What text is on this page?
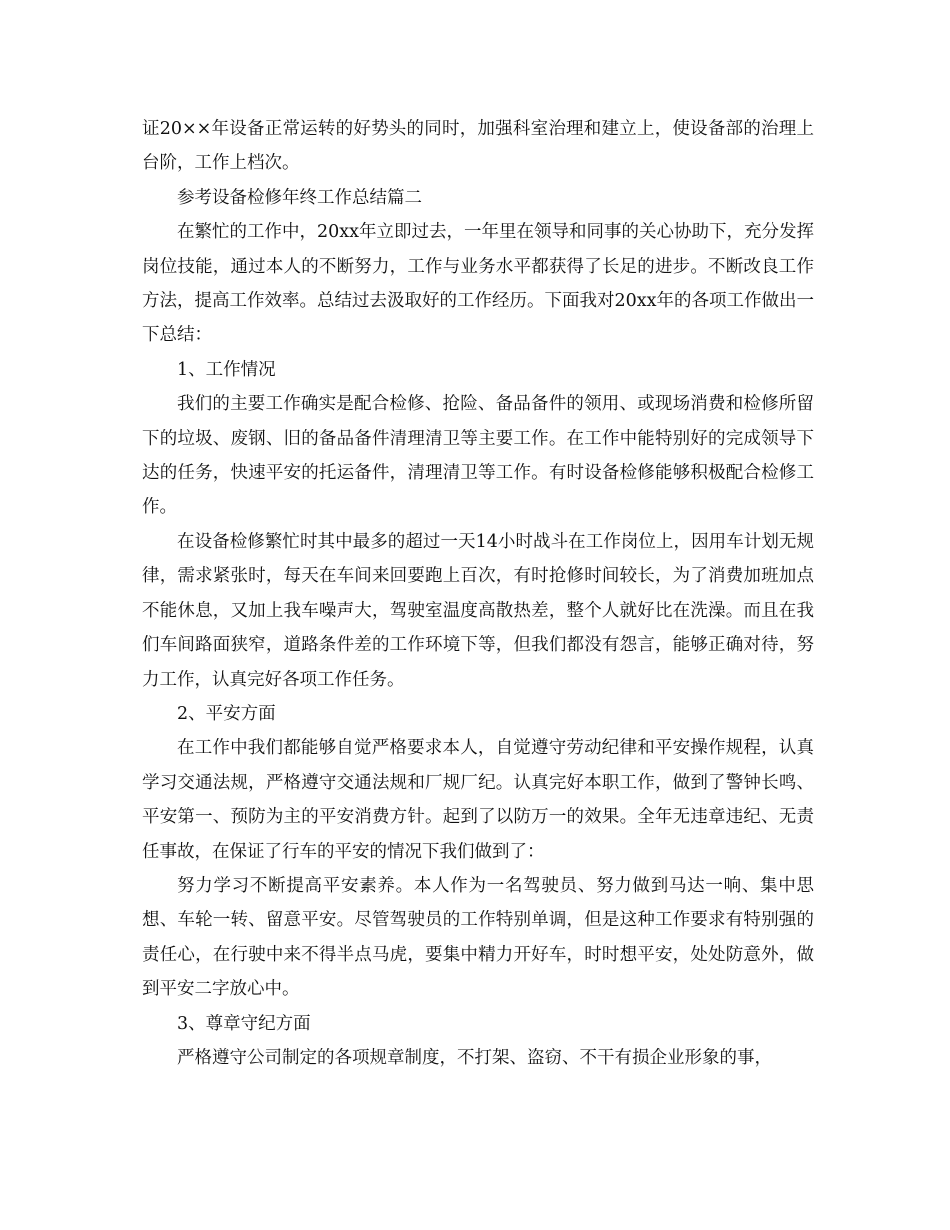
证20××年设备正常运转的好势头的同时，加强科室治理和建立上，使设备部的治理上台阶，工作上档次。

参考设备检修年终工作总结篇二

在繁忙的工作中，20xx年立即过去，一年里在领导和同事的关心协助下，充分发挥岗位技能，通过本人的不断努力，工作与业务水平都获得了长足的进步。不断改良工作方法，提高工作效率。总结过去汲取好的工作经历。下面我对20xx年的各项工作做出一下总结：

1、工作情况

我们的主要工作确实是配合检修、抢险、备品备件的领用、或现场消费和检修所留下的垃圾、废钢、旧的备品备件清理清卫等主要工作。在工作中能特别好的完成领导下达的任务，快速平安的托运备件，清理清卫等工作。有时设备检修能够积极配合检修工作。

在设备检修繁忙时其中最多的超过一天14小时战斗在工作岗位上，因用车计划无规律，需求紧张时，每天在车间来回要跑上百次，有时抢修时间较长，为了消费加班加点不能休息，又加上我车噪声大，驾驶室温度高散热差，整个人就好比在洗澡。而且在我们车间路面狭窄，道路条件差的工作环境下等，但我们都没有怨言，能够正确对待，努力工作，认真完好各项工作任务。

2、平安方面

在工作中我们都能够自觉严格要求本人，自觉遵守劳动纪律和平安操作规程，认真学习交通法规，严格遵守交通法规和厂规厂纪。认真完好本职工作，做到了警钟长鸣、平安第一、预防为主的平安消费方针。起到了以防万一的效果。全年无违章违纪、无责任事故，在保证了行车的平安的情况下我们做到了：

努力学习不断提高平安素养。本人作为一名驾驶员、努力做到马达一响、集中思想、车轮一转、留意平安。尽管驾驶员的工作特别单调，但是这种工作要求有特别强的责任心，在行驶中来不得半点马虎，要集中精力开好车，时时想平安，处处防意外，做到平安二字放心中。

3、尊章守纪方面

严格遵守公司制定的各项规章制度，不打架、盗窃、不干有损企业形象的事，
